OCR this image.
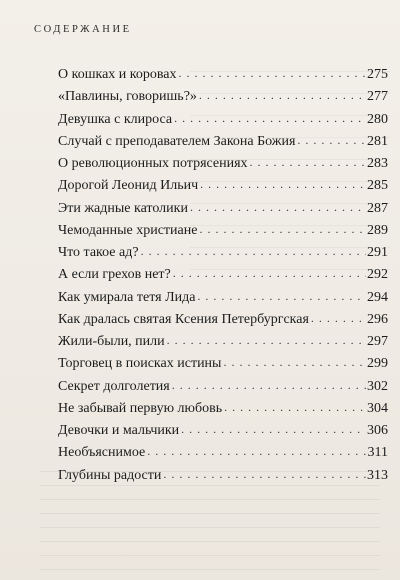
СОДЕРЖАНИЕ
О кошках и коровах . . .	275
«Павлины, говоришь?» . . .	277
Девушка с клироса . . .	280
Случай с преподавателем Закона Божия . . .	281
О революционных потрясениях . . .	283
Дорогой Леонид Ильич . . .	285
Эти жадные католики . . .	287
Чемоданные христиане . . .	289
Что такое ад? . . .	291
А если грехов нет? . . .	292
Как умирала тетя Лида . . .	294
Как дралась святая Ксения Петербургская . . .	296
Жили-были, пили . . .	297
Торговец в поисках истины . . .	299
Секрет долголетия . . .	302
Не забывай первую любовь . . .	304
Девочки и мальчики . . .	306
Необъяснимое . . .	311
Глубины радости . . .	313
